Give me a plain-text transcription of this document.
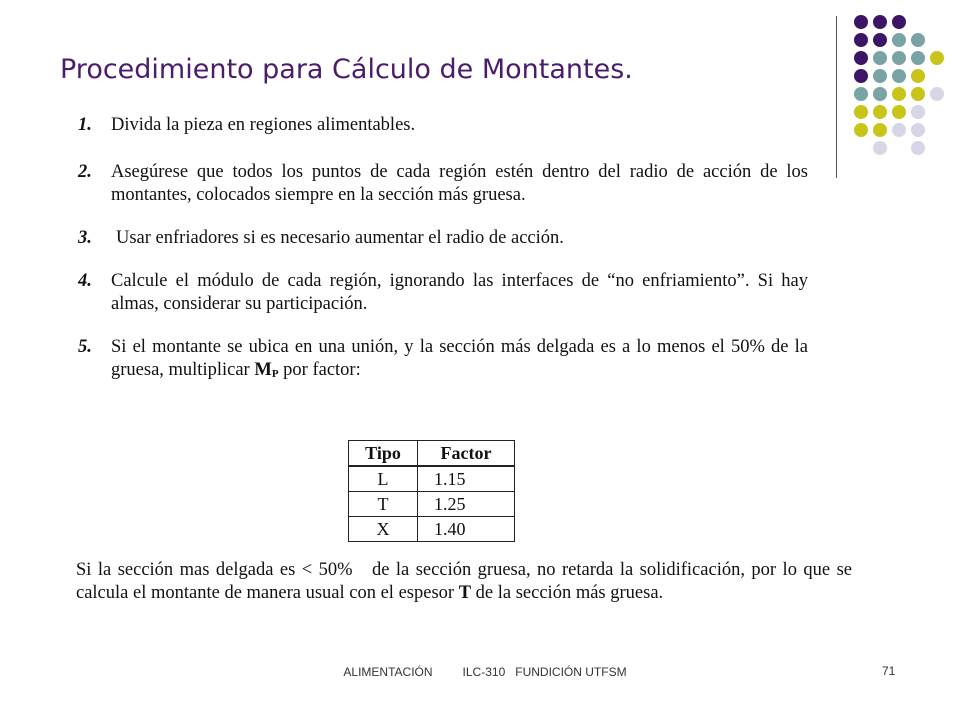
Procedimiento para Cálculo de Montantes.
1.	Divida la pieza en regiones alimentables.
2.	Asegúrese que todos los puntos de cada región estén dentro del radio de acción de los montantes, colocados siempre en la sección más gruesa.
3.	Usar enfriadores si es necesario aumentar el radio de acción.
4.	Calcule el módulo de cada región, ignorando las interfaces de “no enfriamiento”. Si hay almas, considerar su participación.
5.	Si el montante se ubica en una unión, y la sección más delgada es a lo menos el 50% de la gruesa, multiplicar $M_P$ por factor:
Tipo	Factor
L	1.15
T	1.25
X	1.40
Si la sección mas delgada es < 50%   de la sección gruesa, no retarda la solidificación, por lo que se calcula el montante de manera usual con el espesor T de la sección más gruesa.
ALIMENTACIÓN         ILC-310   FUNDICIÓN UTFSM	71
